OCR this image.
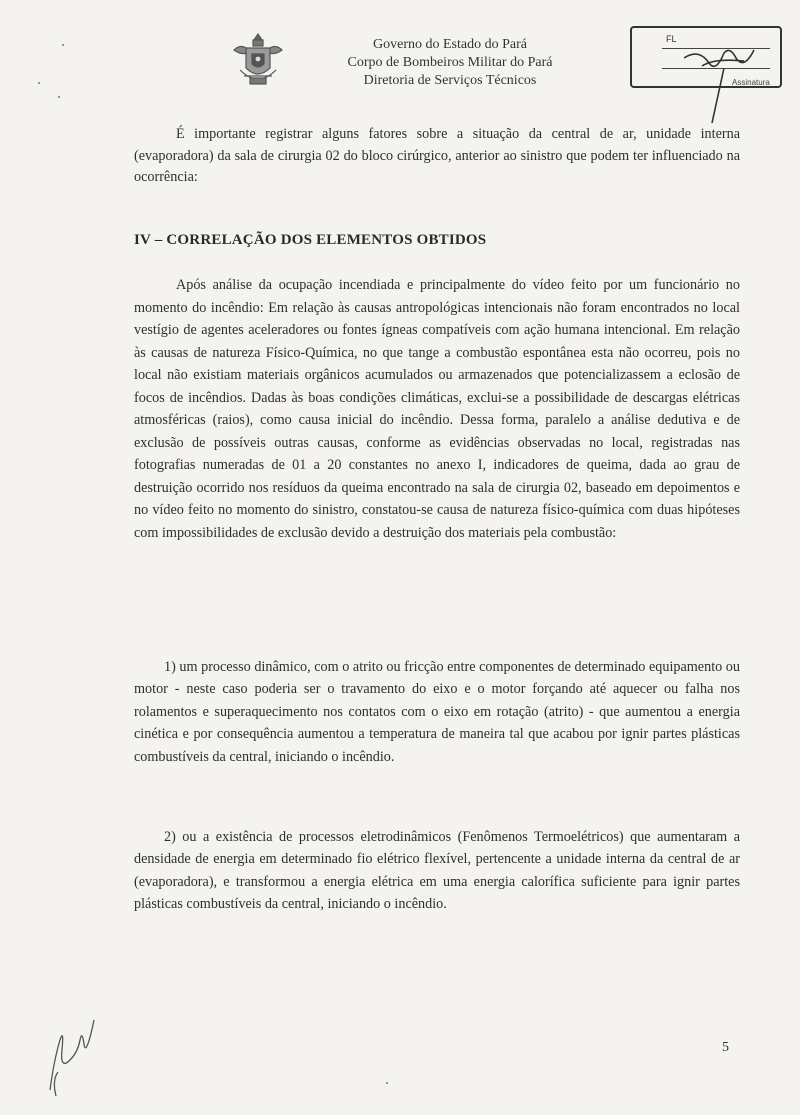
Governo do Estado do Pará
Corpo de Bombeiros Militar do Pará
Diretoria de Serviços Técnicos
FL
Assinatura
É importante registrar alguns fatores sobre a situação da central de ar, unidade interna (evaporadora) da sala de cirurgia 02 do bloco cirúrgico, anterior ao sinistro que podem ter influenciado na ocorrência:
IV – CORRELAÇÃO DOS ELEMENTOS OBTIDOS
Após análise da ocupação incendiada e principalmente do vídeo feito por um funcionário no momento do incêndio: Em relação às causas antropológicas intencionais não foram encontrados no local vestígio de agentes aceleradores ou fontes ígneas compatíveis com ação humana intencional. Em relação às causas de natureza Físico-Química, no que tange a combustão espontânea esta não ocorreu, pois no local não existiam materiais orgânicos acumulados ou armazenados que potencializassem a eclosão de focos de incêndios. Dadas às boas condições climáticas, exclui-se a possibilidade de descargas elétricas atmosféricas (raios), como causa inicial do incêndio. Dessa forma, paralelo a análise dedutiva e de exclusão de possíveis outras causas, conforme as evidências observadas no local, registradas nas fotografias numeradas de 01 a 20 constantes no anexo I, indicadores de queima, dada ao grau de destruição ocorrido nos resíduos da queima encontrado na sala de cirurgia 02, baseado em depoimentos e no vídeo feito no momento do sinistro, constatou-se causa de natureza físico-química com duas hipóteses com impossibilidades de exclusão devido a destruição dos materiais pela combustão:
1) um processo dinâmico, com o atrito ou fricção entre componentes de determinado equipamento ou motor - neste caso poderia ser o travamento do eixo e o motor forçando até aquecer ou falha nos rolamentos e superaquecimento nos contatos com o eixo em rotação (atrito) - que aumentou a energia cinética e por consequência aumentou a temperatura de maneira tal que acabou por ignir partes plásticas combustíveis da central, iniciando o incêndio.
2) ou a existência de processos eletrodinâmicos (Fenômenos Termoelétricos) que aumentaram a densidade de energia em determinado fio elétrico flexível, pertencente a unidade interna da central de ar (evaporadora), e transformou a energia elétrica em uma energia calorífica suficiente para ignir partes plásticas combustíveis da central, iniciando o incêndio.
5
